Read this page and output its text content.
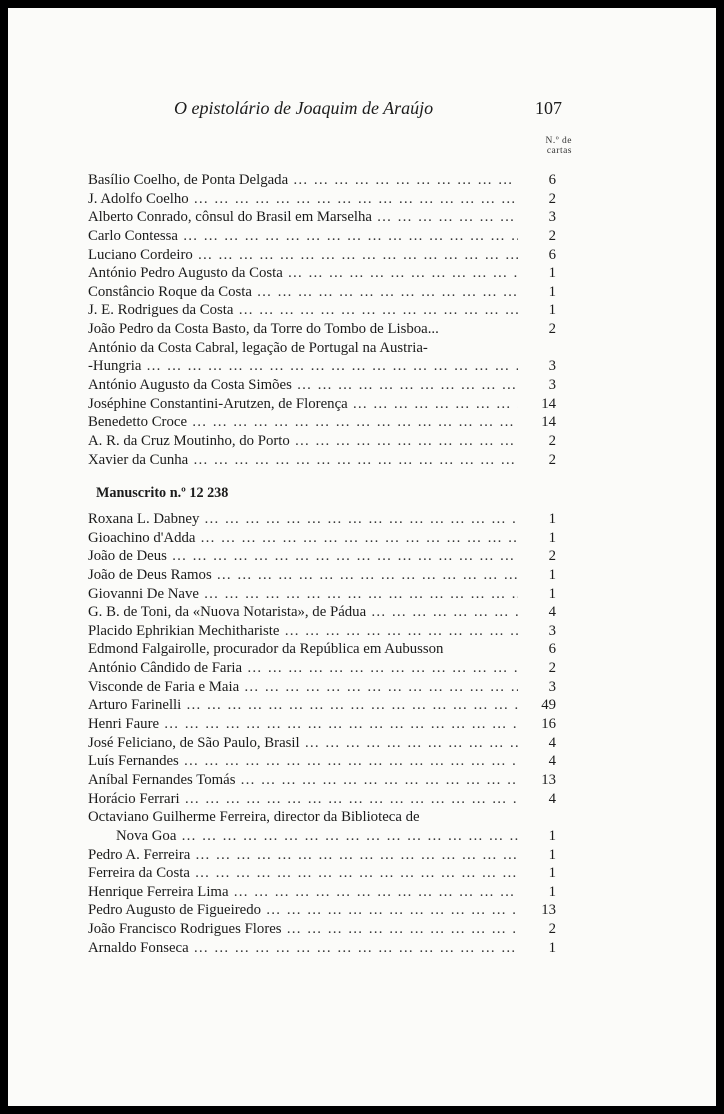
O epistolário de Joaquim de Araújo	107
N.º de
cartas
Basílio Coelho, de Ponta Delgada … … … … … … … … … … … … … … … … … … … … … … … … … … … …	6
J. Adolfo Coelho … … … … … … … … … … … … … … … … … … … … … … … … … … … …	2
Alberto Conrado, cônsul do Brasil em Marselha … … … … … … … … … … … … … … … … … … … … … … … … … … … …	3
Carlo Contessa … … … … … … … … … … … … … … … … … … … … … … … … … … … …	2
Luciano Cordeiro … … … … … … … … … … … … … … … … … … … … … … … … … … … …	6
António Pedro Augusto da Costa … … … … … … … … … … … … … … … … … … … … … … … … … … … …	1
Constâncio Roque da Costa … … … … … … … … … … … … … … … … … … … … … … … … … … … …	1
J. E. Rodrigues da Costa … … … … … … … … … … … … … … … … … … … … … … … … … … … …	1
João Pedro da Costa Basto, da Torre do Tombo de Lisboa...	2
António da Costa Cabral, legação de Portugal na Austria-
-Hungria … … … … … … … … … … … … … … … … … … … … … … … … … … … …	3
António Augusto da Costa Simões … … … … … … … … … … … … … … … … … … … … … … … … … … … …	3
Joséphine Constantini-Arutzen, de Florença … … … … … … … … … … … … … … … … … … … … … … … … … … … …	14
Benedetto Croce … … … … … … … … … … … … … … … … … … … … … … … … … … … …	14
A. R. da Cruz Moutinho, do Porto … … … … … … … … … … … … … … … … … … … … … … … … … … … …	2
Xavier da Cunha … … … … … … … … … … … … … … … … … … … … … … … … … … … …	2
Manuscrito n.º 12 238
Roxana L. Dabney … … … … … … … … … … … … … … … … … … … … … … … … … … … …	1
Gioachino d'Adda … … … … … … … … … … … … … … … … … … … … … … … … … … … …	1
João de Deus … … … … … … … … … … … … … … … … … … … … … … … … … … … …	2
João de Deus Ramos … … … … … … … … … … … … … … … … … … … … … … … … … … … …	1
Giovanni De Nave … … … … … … … … … … … … … … … … … … … … … … … … … … … …	1
G. B. de Toni, da «Nuova Notarista», de Pádua … … … … … … … … … … … … … … … … … … … … … … … … … … … …	4
Placido Ephrikian Mechithariste … … … … … … … … … … … … … … … … … … … … … … … … … … … …	3
Edmond Falgairolle, procurador da República em Aubusson	6
António Cândido de Faria … … … … … … … … … … … … … … … … … … … … … … … … … … … …	2
Visconde de Faria e Maia … … … … … … … … … … … … … … … … … … … … … … … … … … … …	3
Arturo Farinelli … … … … … … … … … … … … … … … … … … … … … … … … … … … …	49
Henri Faure … … … … … … … … … … … … … … … … … … … … … … … … … … … …	16
José Feliciano, de São Paulo, Brasil … … … … … … … … … … … … … … … … … … … … … … … … … … … …	4
Luís Fernandes … … … … … … … … … … … … … … … … … … … … … … … … … … … …	4
Aníbal Fernandes Tomás … … … … … … … … … … … … … … … … … … … … … … … … … … … …	13
Horácio Ferrari … … … … … … … … … … … … … … … … … … … … … … … … … … … …	4
Octaviano Guilherme Ferreira, director da Biblioteca de
Nova Goa … … … … … … … … … … … … … … … … … … … … … … … … … … … …	1
Pedro A. Ferreira … … … … … … … … … … … … … … … … … … … … … … … … … … … …	1
Ferreira da Costa … … … … … … … … … … … … … … … … … … … … … … … … … … … …	1
Henrique Ferreira Lima … … … … … … … … … … … … … … … … … … … … … … … … … … … …	1
Pedro Augusto de Figueiredo … … … … … … … … … … … … … … … … … … … … … … … … … … … …	13
João Francisco Rodrigues Flores … … … … … … … … … … … … … … … … … … … … … … … … … … … …	2
Arnaldo Fonseca … … … … … … … … … … … … … … … … … … … … … … … … … … … …	1
